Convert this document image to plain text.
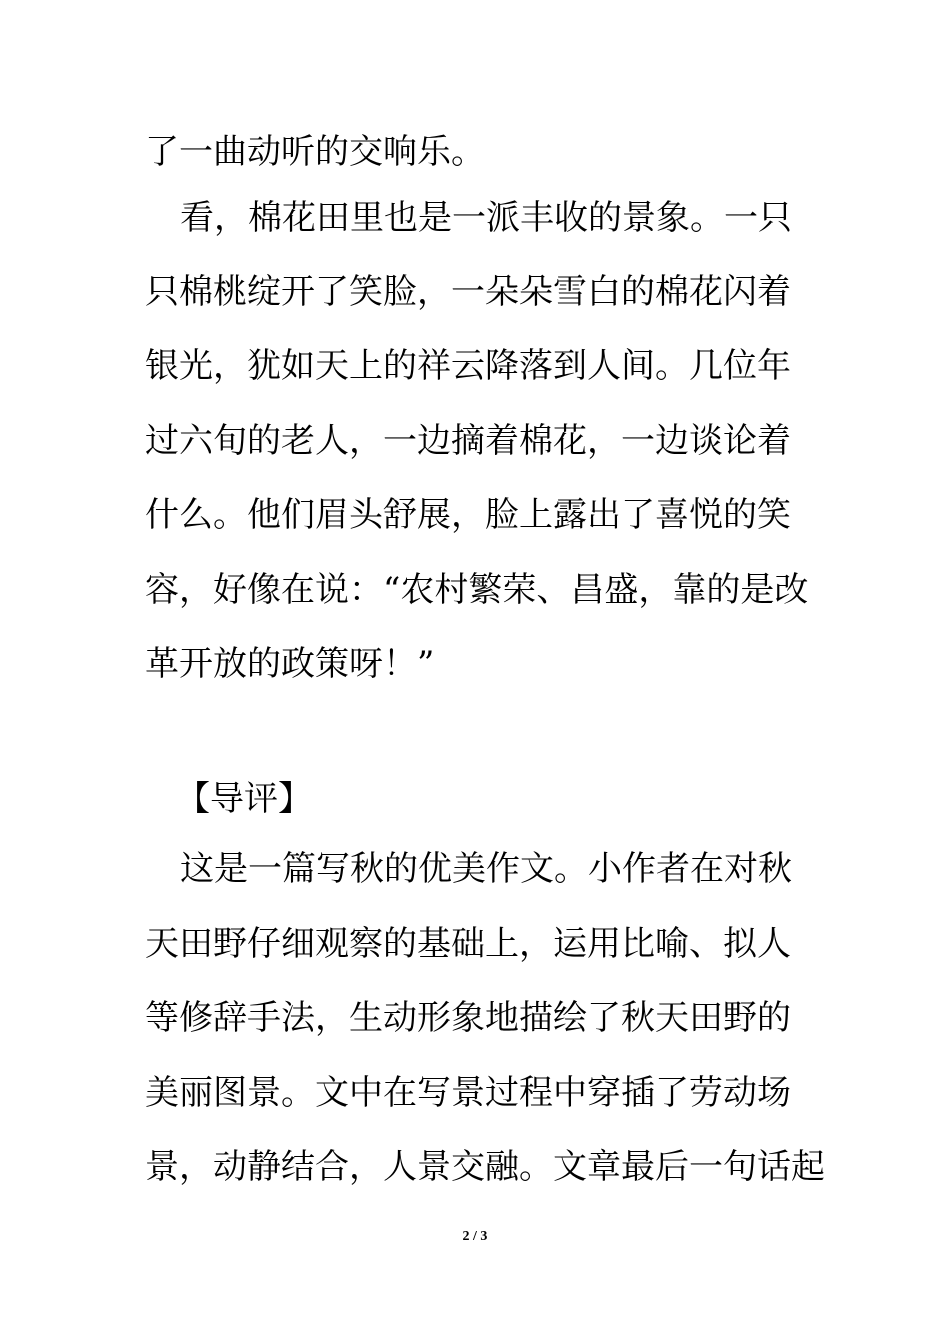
了一曲动听的交响乐。
看，棉花田里也是一派丰收的景象。一只
只棉桃绽开了笑脸，一朵朵雪白的棉花闪着
银光，犹如天上的祥云降落到人间。几位年
过六旬的老人，一边摘着棉花，一边谈论着
什么。他们眉头舒展，脸上露出了喜悦的笑
容，好像在说：“农村繁荣、昌盛，靠的是改
革开放的政策呀！”
【导评】
这是一篇写秋的优美作文。小作者在对秋
天田野仔细观察的基础上，运用比喻、拟人
等修辞手法，生动形象地描绘了秋天田野的
美丽图景。文中在写景过程中穿插了劳动场
景，动静结合，人景交融。文章最后一句话起
2 / 3
